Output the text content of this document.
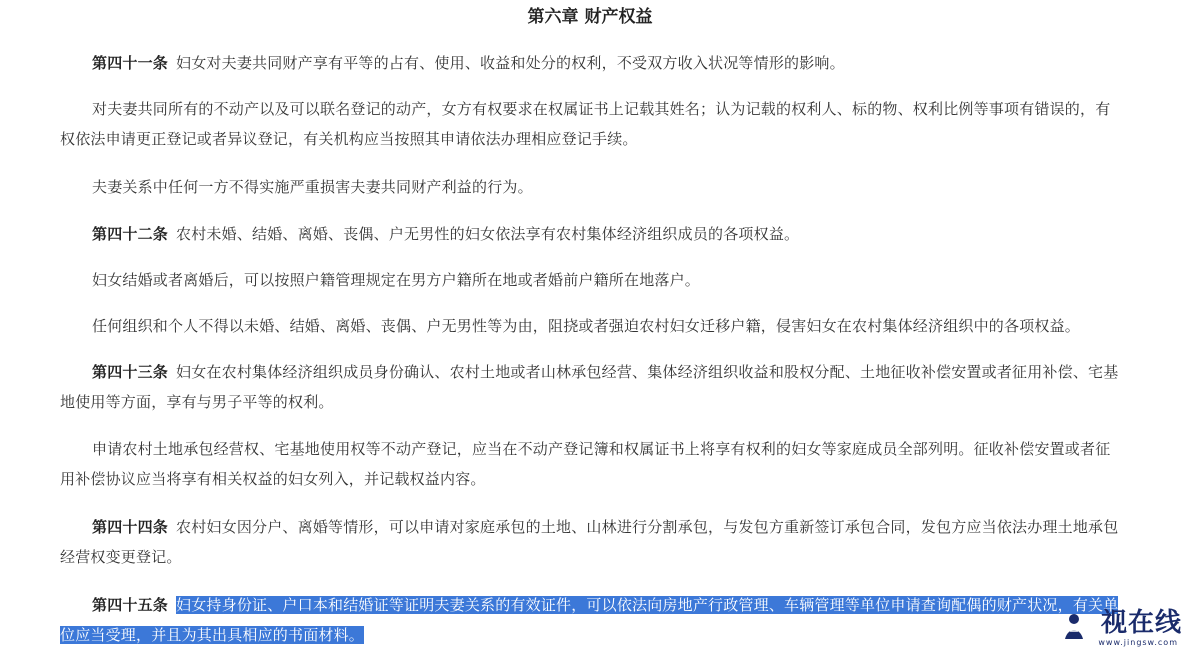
第六章 财产权益
第四十一条 妇女对夫妻共同财产享有平等的占有、使用、收益和处分的权利，不受双方收入状况等情形的影响。
对夫妻共同所有的不动产以及可以联名登记的动产，女方有权要求在权属证书上记载其姓名；认为记载的权利人、标的物、权利比例等事项有错误的，有权依法申请更正登记或者异议登记，有关机构应当按照其申请依法办理相应登记手续。
夫妻关系中任何一方不得实施严重损害夫妻共同财产利益的行为。
第四十二条 农村未婚、结婚、离婚、丧偶、户无男性的妇女依法享有农村集体经济组织成员的各项权益。
妇女结婚或者离婚后，可以按照户籍管理规定在男方户籍所在地或者婚前户籍所在地落户。
任何组织和个人不得以未婚、结婚、离婚、丧偶、户无男性等为由，阻挠或者强迫农村妇女迁移户籍，侵害妇女在农村集体经济组织中的各项权益。
第四十三条 妇女在农村集体经济组织成员身份确认、农村土地或者山林承包经营、集体经济组织收益和股权分配、土地征收补偿安置或者征用补偿、宅基地使用等方面，享有与男子平等的权利。
申请农村土地承包经营权、宅基地使用权等不动产登记，应当在不动产登记簿和权属证书上将享有权利的妇女等家庭成员全部列明。征收补偿安置或者征用补偿协议应当将享有相关权益的妇女列入，并记载权益内容。
第四十四条 农村妇女因分户、离婚等情形，可以申请对家庭承包的土地、山林进行分割承包，与发包方重新签订承包合同，发包方应当依法办理土地承包经营权变更登记。
第四十五条 妇女持身份证、户口本和结婚证等证明夫妻关系的有效证件，可以依法向房地产行政管理、车辆管理等单位申请查询配偶的财产状况，有关单位应当受理，并且为其出具相应的书面材料。	视在线
www.jingsw.com
